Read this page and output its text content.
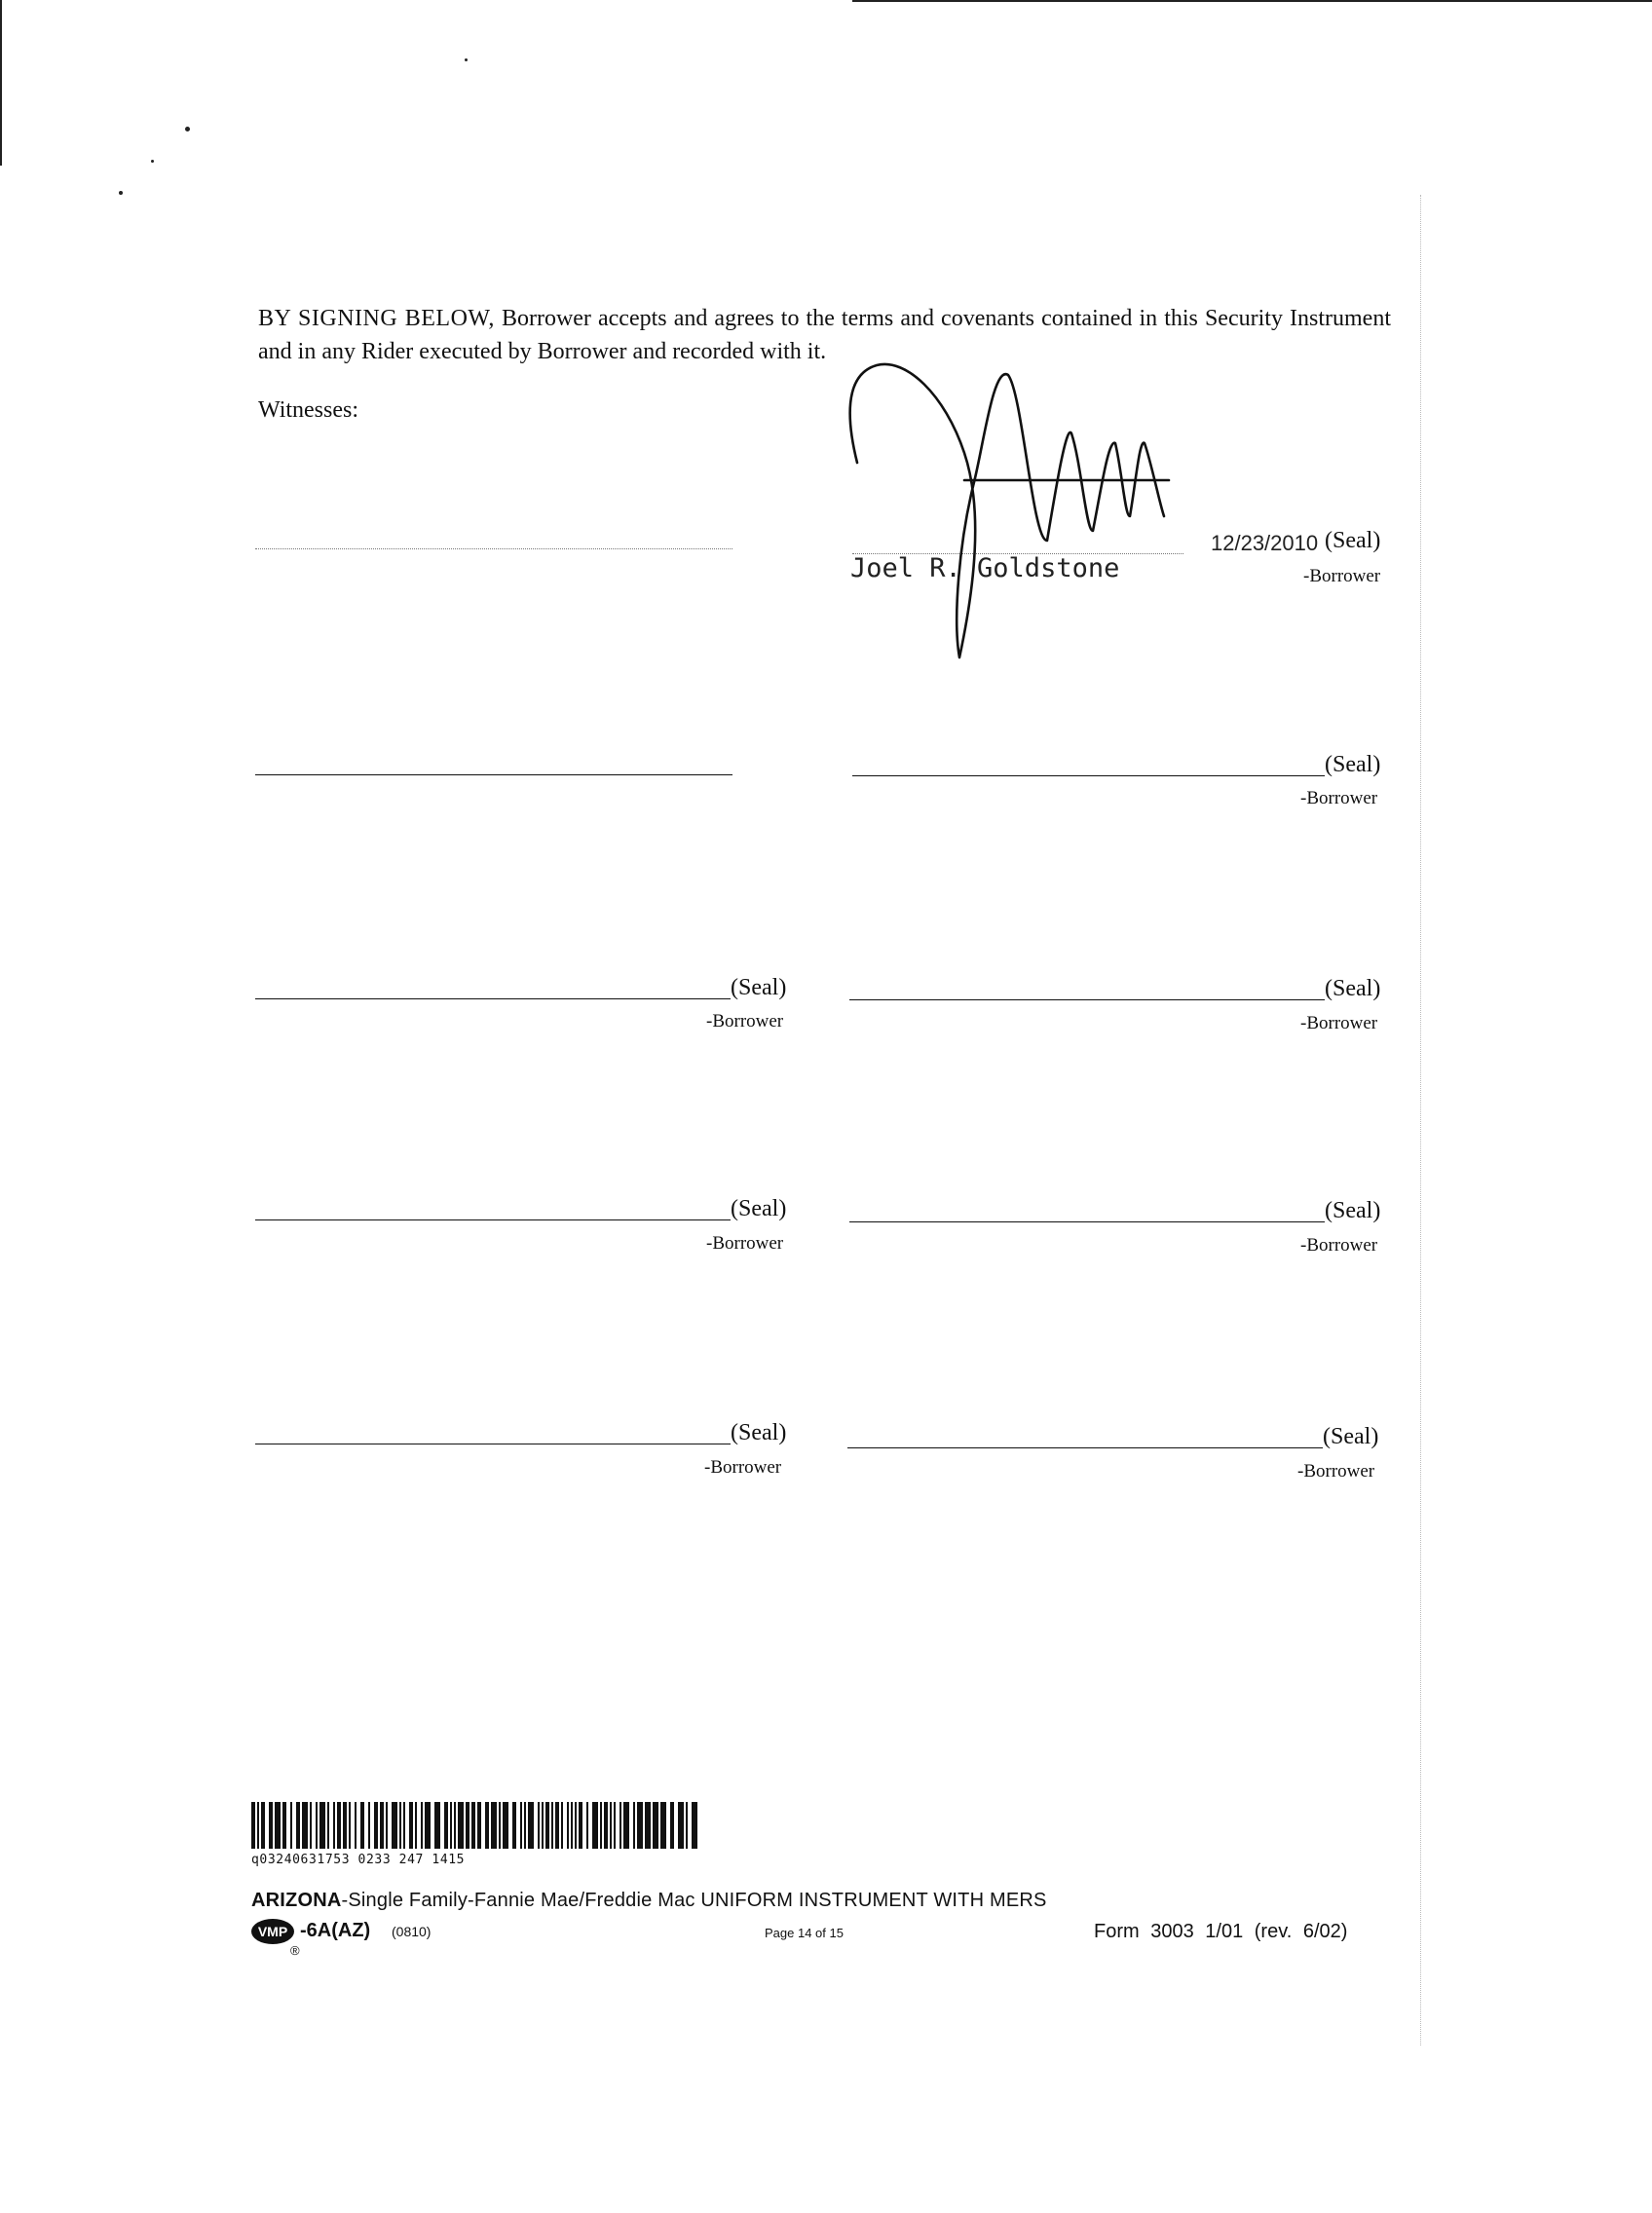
BY SIGNING BELOW, Borrower accepts and agrees to the terms and covenants contained in this Security Instrument and in any Rider executed by Borrower and recorded with it.
Witnesses:
Joel R. Goldstone
12/23/2010 (Seal)
-Borrower
(Seal)
-Borrower
(Seal)
-Borrower
(Seal)
-Borrower
(Seal)
-Borrower
(Seal)
-Borrower
(Seal)
-Borrower
(Seal)
-Borrower
q03240631753 0233 247 1415
ARIZONA-Single Family-Fannie Mae/Freddie Mac UNIFORM INSTRUMENT WITH MERS
VMP
®
-6A(AZ) (0810)	Page 14 of 15	Form 3003 1/01 (rev. 6/02)
